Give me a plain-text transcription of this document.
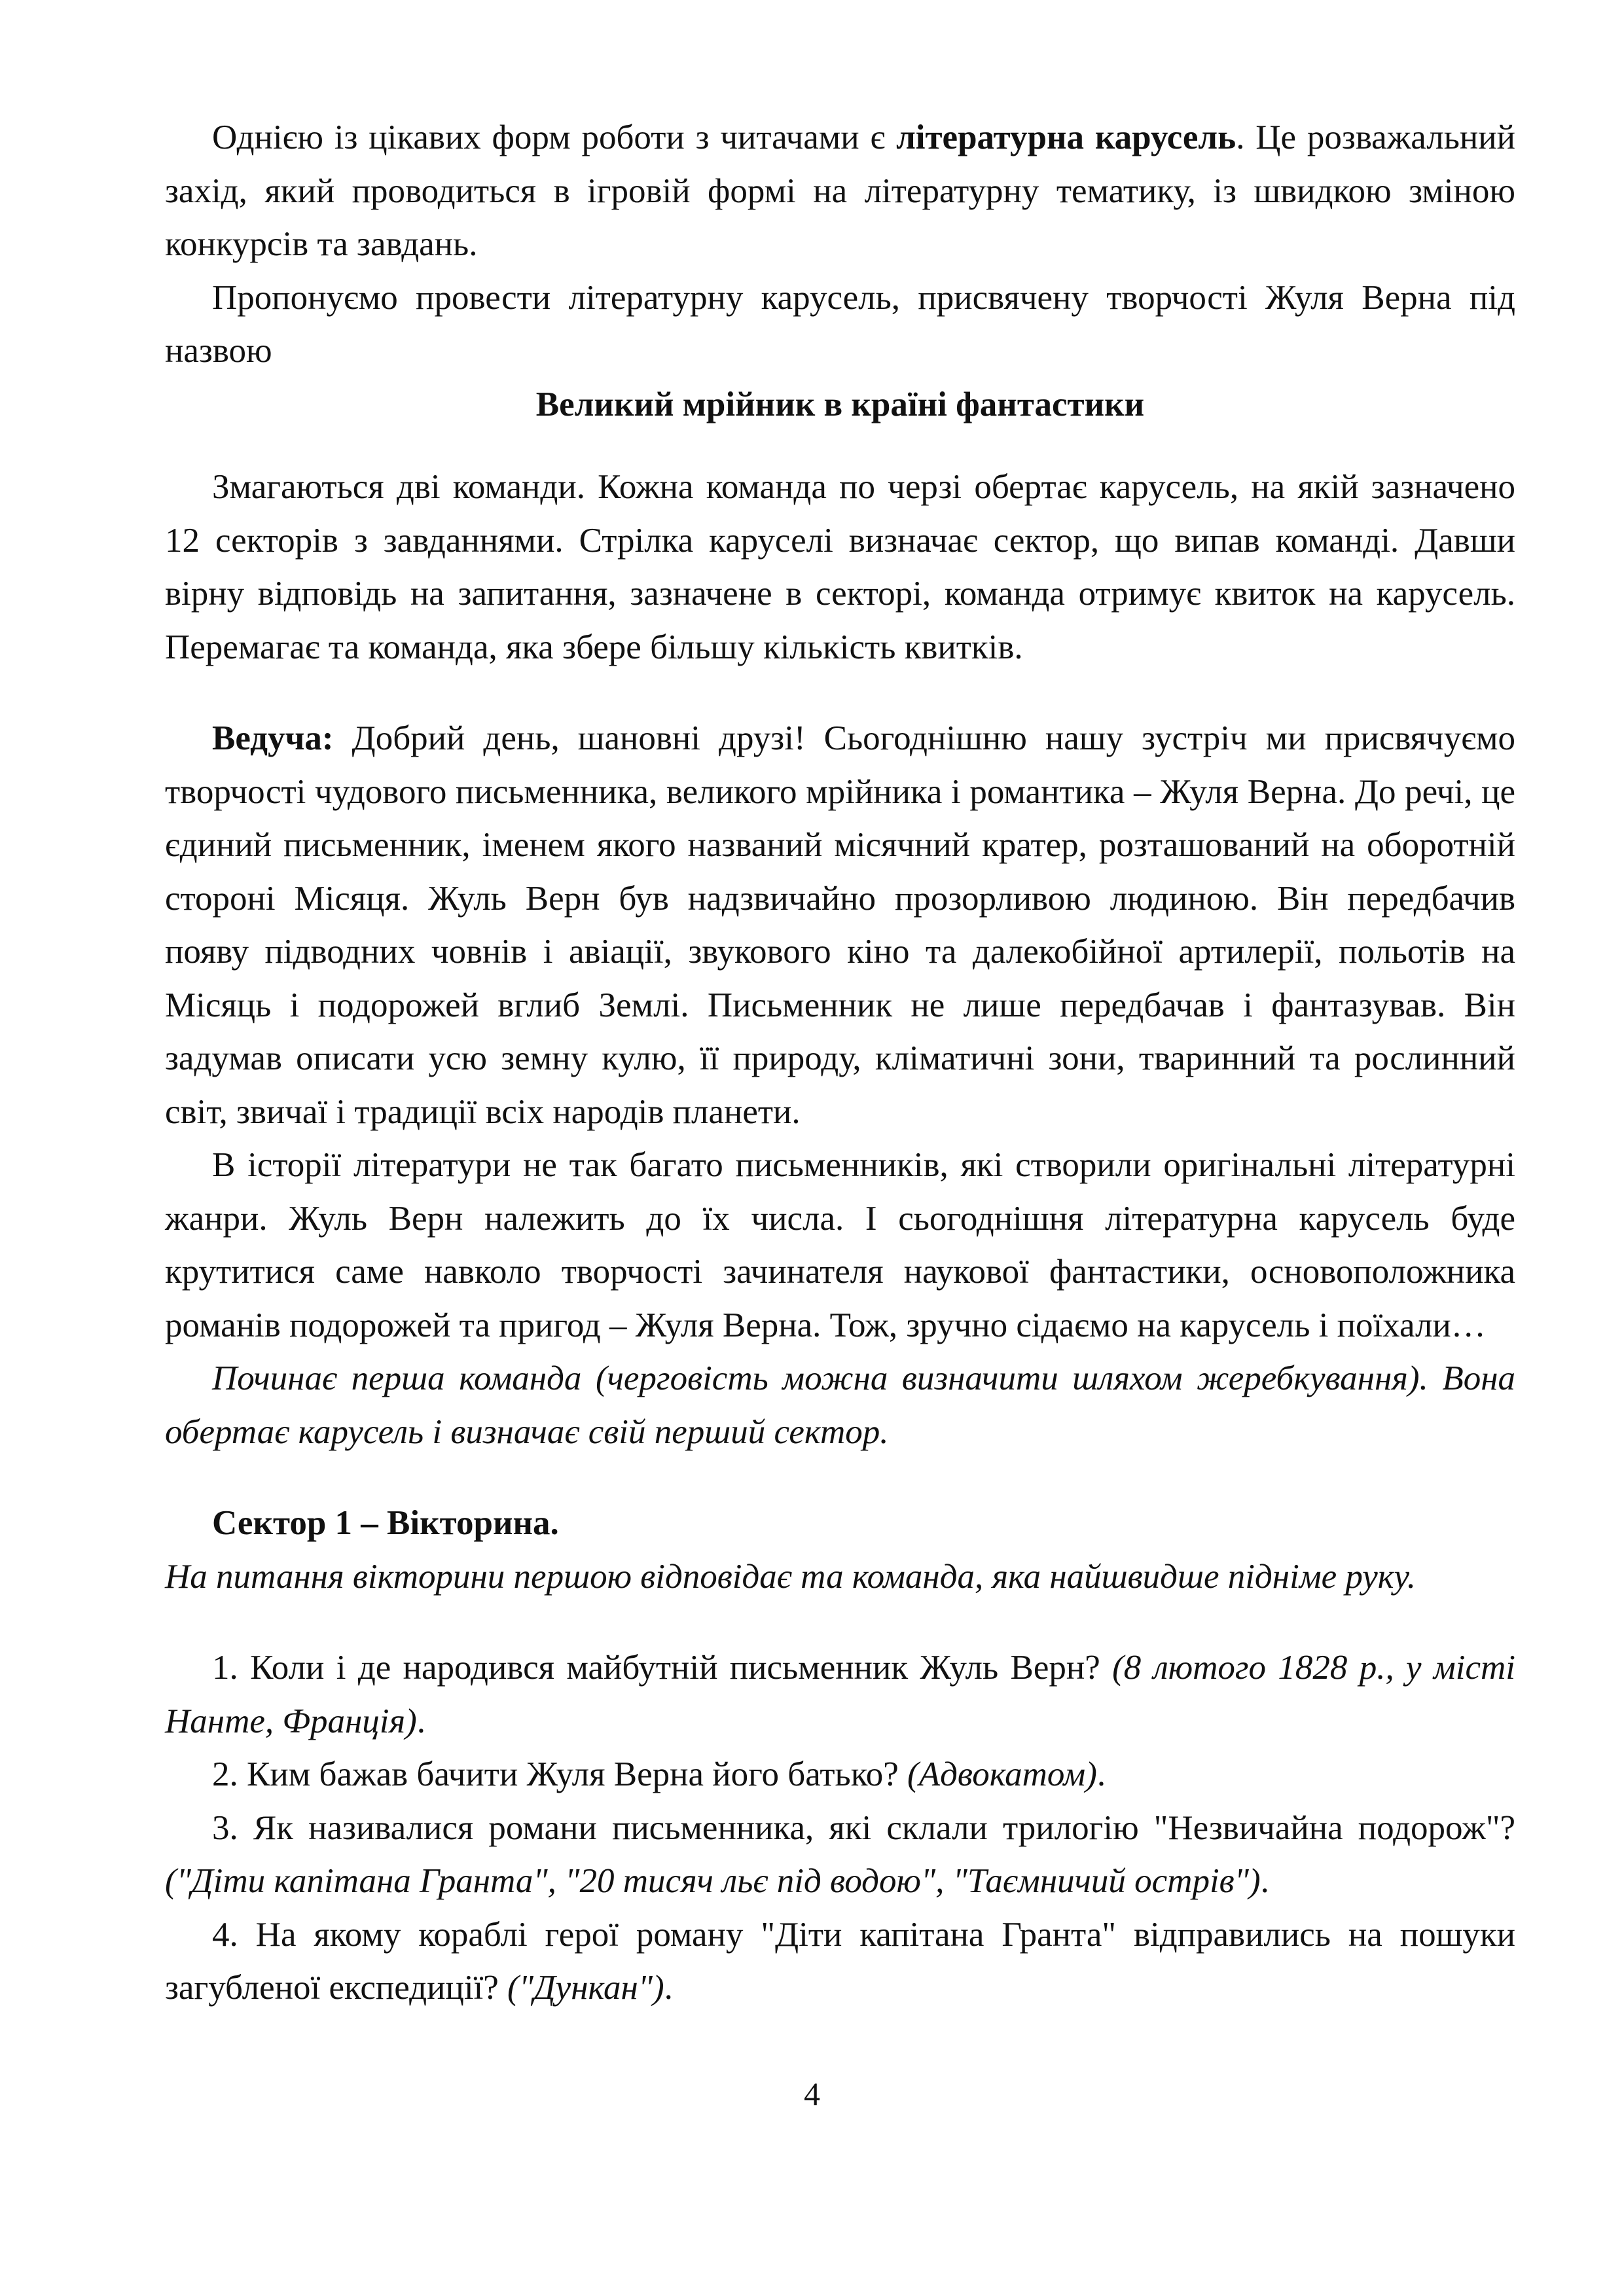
Однією із цікавих форм роботи з читачами є літературна карусель. Це розважальний захід, який проводиться в ігровій формі на літературну тематику, із швидкою зміною конкурсів та завдань.

Пропонуємо провести літературну карусель, присвячену творчості Жуля Верна під назвою

Великий мрійник в країні фантастики

Змагаються дві команди. Кожна команда по черзі обертає карусель, на якій зазначено 12 секторів з завданнями. Стрілка каруселі визначає сектор, що випав команді. Давши вірну відповідь на запитання, зазначене в секторі, команда отримує квиток на карусель. Перемагає та команда, яка збере більшу кількість квитків.

Ведуча: Добрий день, шановні друзі! Сьогоднішню нашу зустріч ми присвячуємо творчості чудового письменника, великого мрійника і романтика – Жуля Верна. До речі, це єдиний письменник, іменем якого названий місячний кратер, розташований на оборотній стороні Місяця. Жуль Верн був надзвичайно прозорливою людиною. Він передбачив появу підводних човнів і авіації, звукового кіно та далекобійної артилерії, польотів на Місяць і подорожей вглиб Землі. Письменник не лише передбачав і фантазував. Він задумав описати усю земну кулю, її природу, кліматичні зони, тваринний та рослинний світ, звичаї і традиції всіх народів планети.

В історії літератури не так багато письменників, які створили оригінальні літературні жанри. Жуль Верн належить до їх числа. І сьогоднішня літературна карусель буде крутитися саме навколо творчості зачинателя наукової фантастики, основоположника романів подорожей та пригод – Жуля Верна. Тож, зручно сідаємо на карусель і поїхали…

Починає перша команда (черговість можна визначити шляхом жеребкування). Вона обертає карусель і визначає свій перший сектор.

Сектор 1 – Вікторина.

На питання вікторини першою відповідає та команда, яка найшвидше підніме руку.

1. Коли і де народився майбутній письменник Жуль Верн? (8 лютого 1828 р., у місті Нанте, Франція).

2. Ким бажав бачити Жуля Верна його батько? (Адвокатом).

3. Як називалися романи письменника, які склали трилогію "Незвичайна подорож"? ("Діти капітана Гранта", "20 тисяч льє під водою", "Таємничий острів").

4. На якому кораблі герої роману "Діти капітана Гранта" відправились на пошуки загубленої експедиції? ("Дункан").

4
